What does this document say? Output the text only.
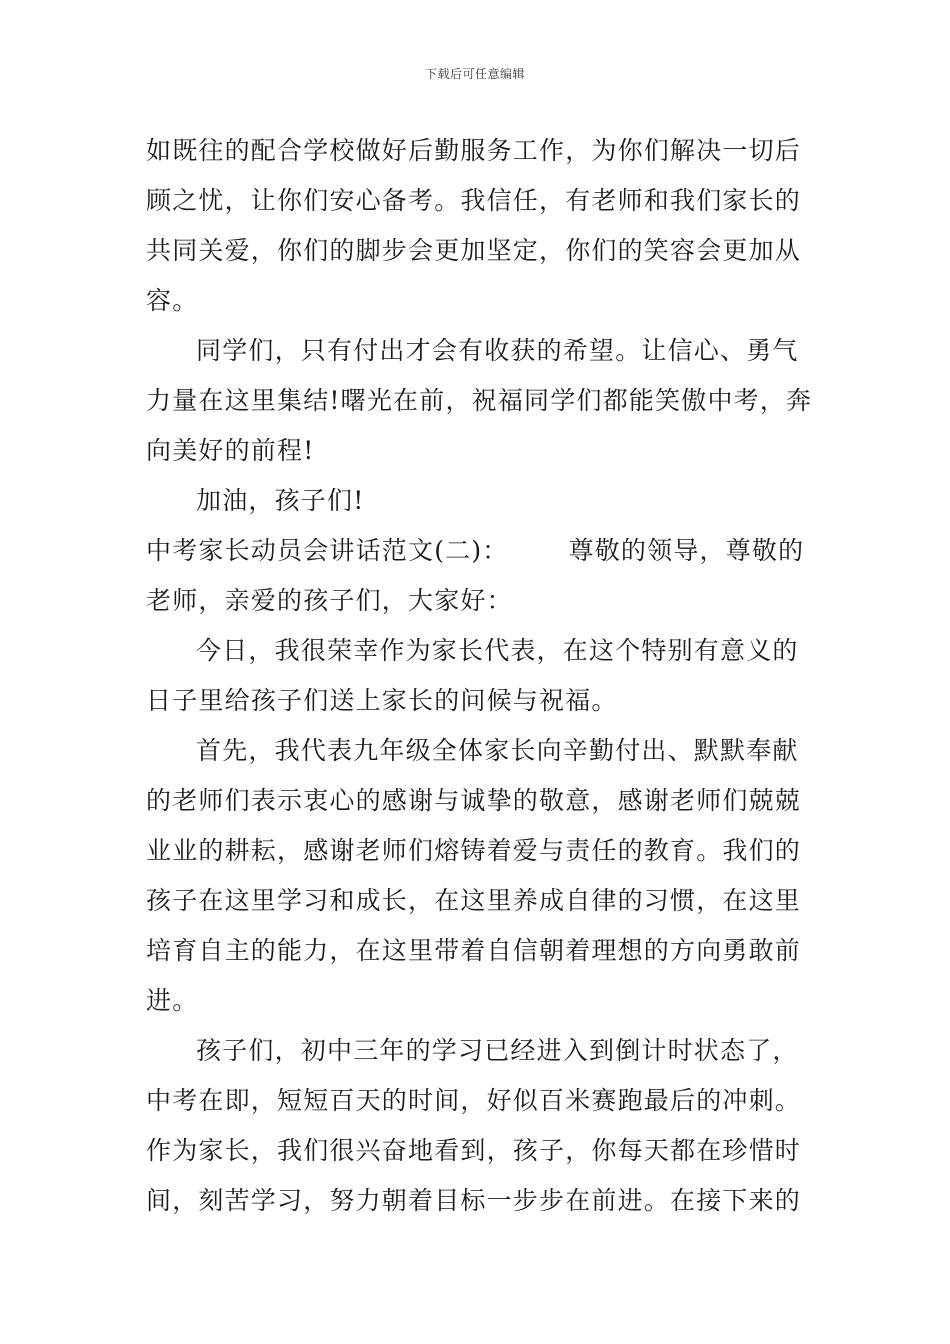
下载后可任意编辑
如既往的配合学校做好后勤服务工作，为你们解决一切后
顾之忧，让你们安心备考。我信任，有老师和我们家长的
共同关爱，你们的脚步会更加坚定，你们的笑容会更加从
容。
同学们，只有付出才会有收获的希望。让信心、勇气
力量在这里集结!曙光在前，祝福同学们都能笑傲中考，奔
向美好的前程!
加油，孩子们!
中考家长动员会讲话范文(二)： 尊敬的领导，尊敬的
老师，亲爱的孩子们，大家好：
今日，我很荣幸作为家长代表，在这个特别有意义的
日子里给孩子们送上家长的问候与祝福。
首先，我代表九年级全体家长向辛勤付出、默默奉献
的老师们表示衷心的感谢与诚挚的敬意，感谢老师们兢兢
业业的耕耘，感谢老师们熔铸着爱与责任的教育。我们的
孩子在这里学习和成长，在这里养成自律的习惯，在这里
培育自主的能力，在这里带着自信朝着理想的方向勇敢前
进。
孩子们，初中三年的学习已经进入到倒计时状态了，
中考在即，短短百天的时间，好似百米赛跑最后的冲刺。
作为家长，我们很兴奋地看到，孩子，你每天都在珍惜时
间，刻苦学习，努力朝着目标一步步在前进。在接下来的
